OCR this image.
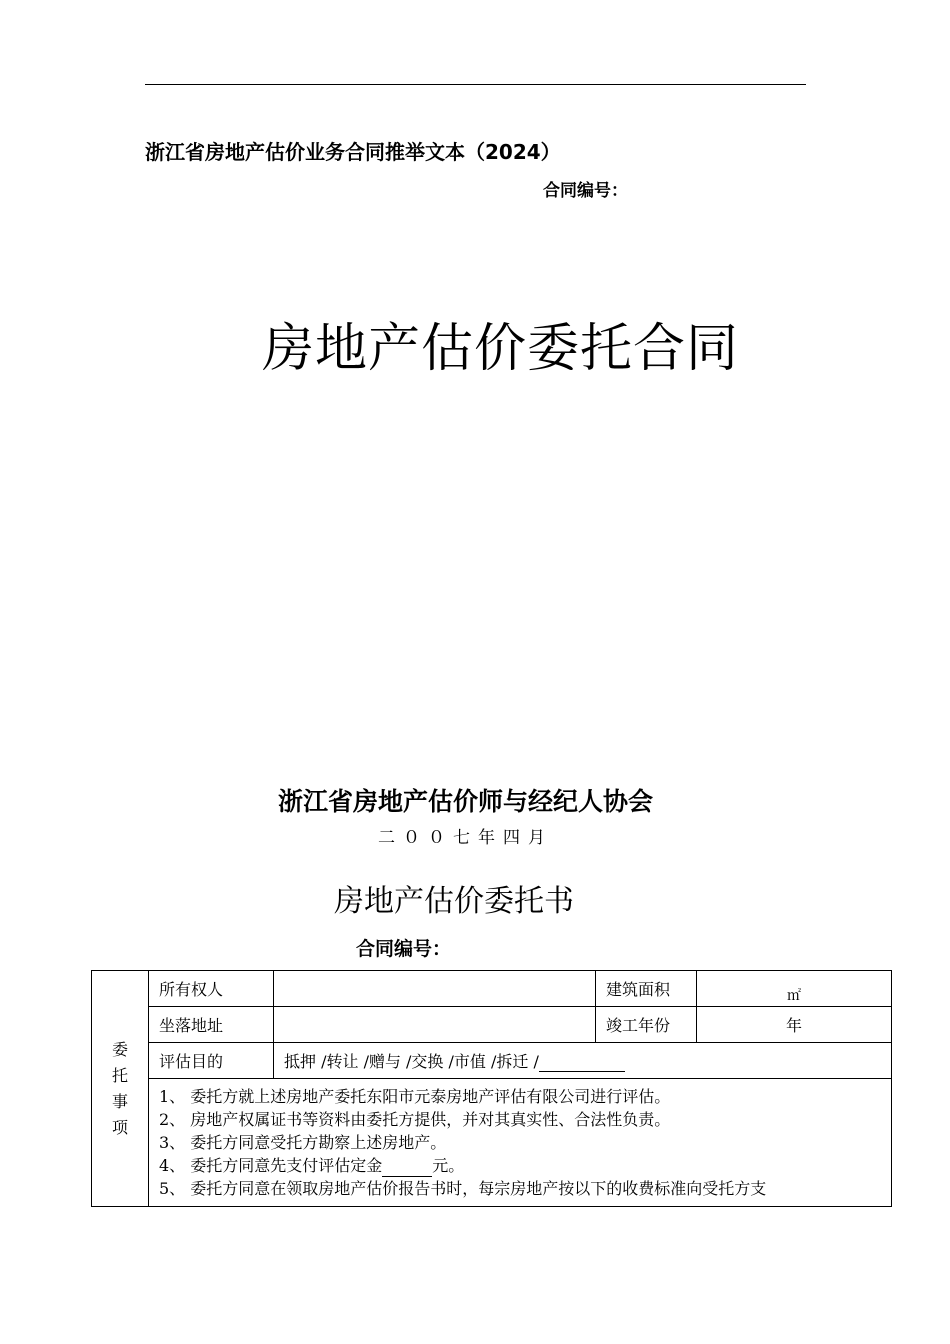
浙江省房地产估价业务合同推举文本（2024）
合同编号：
房地产估价委托合同
浙江省房地产估价师与经纪人协会
二００七年四月
房地产估价委托书
合同编号：
委
托
事
项	所有权人		建筑面积	㎡
	坐落地址		竣工年份	年
	评估目的	抵押 /转让 /赠与 /交换 /市值 /拆迁 /		

	1、 委托方就上述房地产委托东阳市元泰房地产评估有限公司进行评估。
2、 房地产权属证书等资料由委托方提供，并对其真实性、合法性负责。
3、 委托方同意受托方勘察上述房地产。
4、 委托方同意先支付评估定金 元。
5、 委托方同意在领取房地产估价报告书时，每宗房地产按以下的收费标准向受托方支			
